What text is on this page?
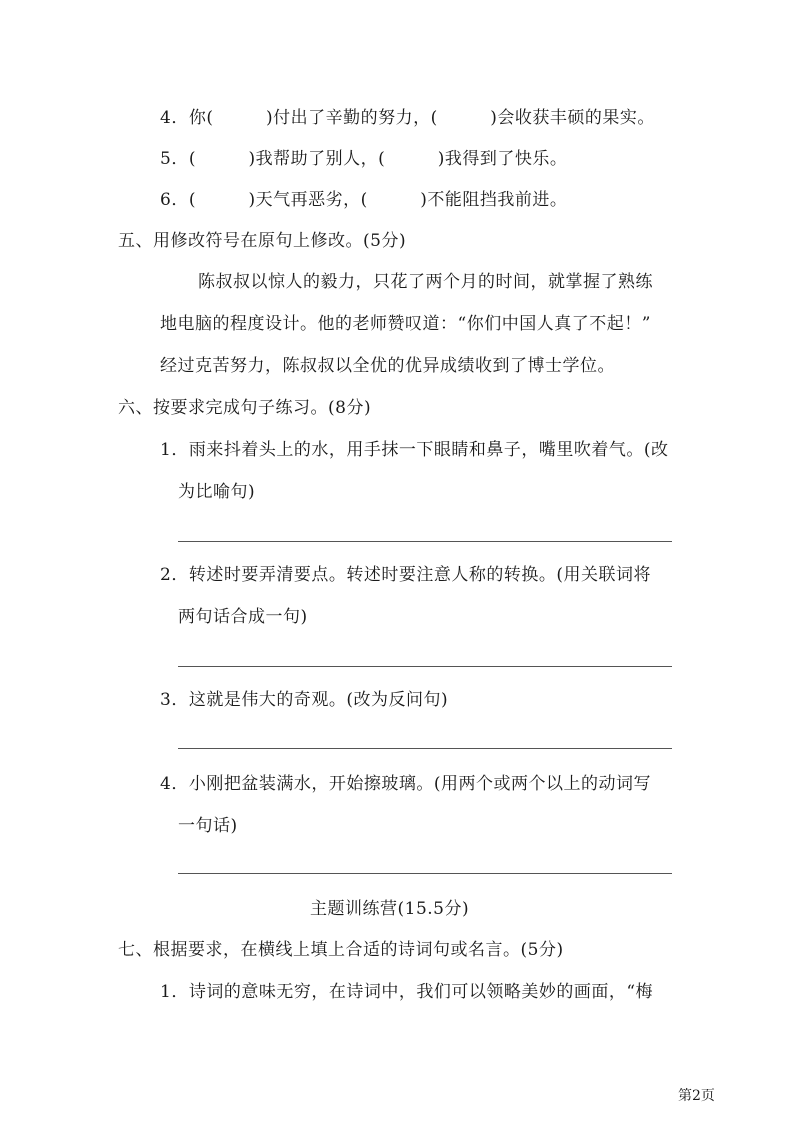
4．你(　　　)付出了辛勤的努力，(　　　)会收获丰硕的果实。
5．(　　　)我帮助了别人，(　　　)我得到了快乐。
6．(　　　)天气再恶劣，(　　　)不能阻挡我前进。
五、用修改符号在原句上修改。(5分)
陈叔叔以惊人的毅力，只花了两个月的时间，就掌握了熟练
地电脑的程度设计。他的老师赞叹道：“你们中国人真了不起！”
经过克苦努力，陈叔叔以全优的优异成绩收到了博士学位。
六、按要求完成句子练习。(8分)
1．雨来抖着头上的水，用手抹一下眼睛和鼻子，嘴里吹着气。(改
为比喻句)
2．转述时要弄清要点。转述时要注意人称的转换。(用关联词将
两句话合成一句)
3．这就是伟大的奇观。(改为反问句)
4．小刚把盆装满水，开始擦玻璃。(用两个或两个以上的动词写
一句话)
主题训练营(15.5分)
七、根据要求，在横线上填上合适的诗词句或名言。(5分)
1．诗词的意味无穷，在诗词中，我们可以领略美妙的画面，“梅
第2页
